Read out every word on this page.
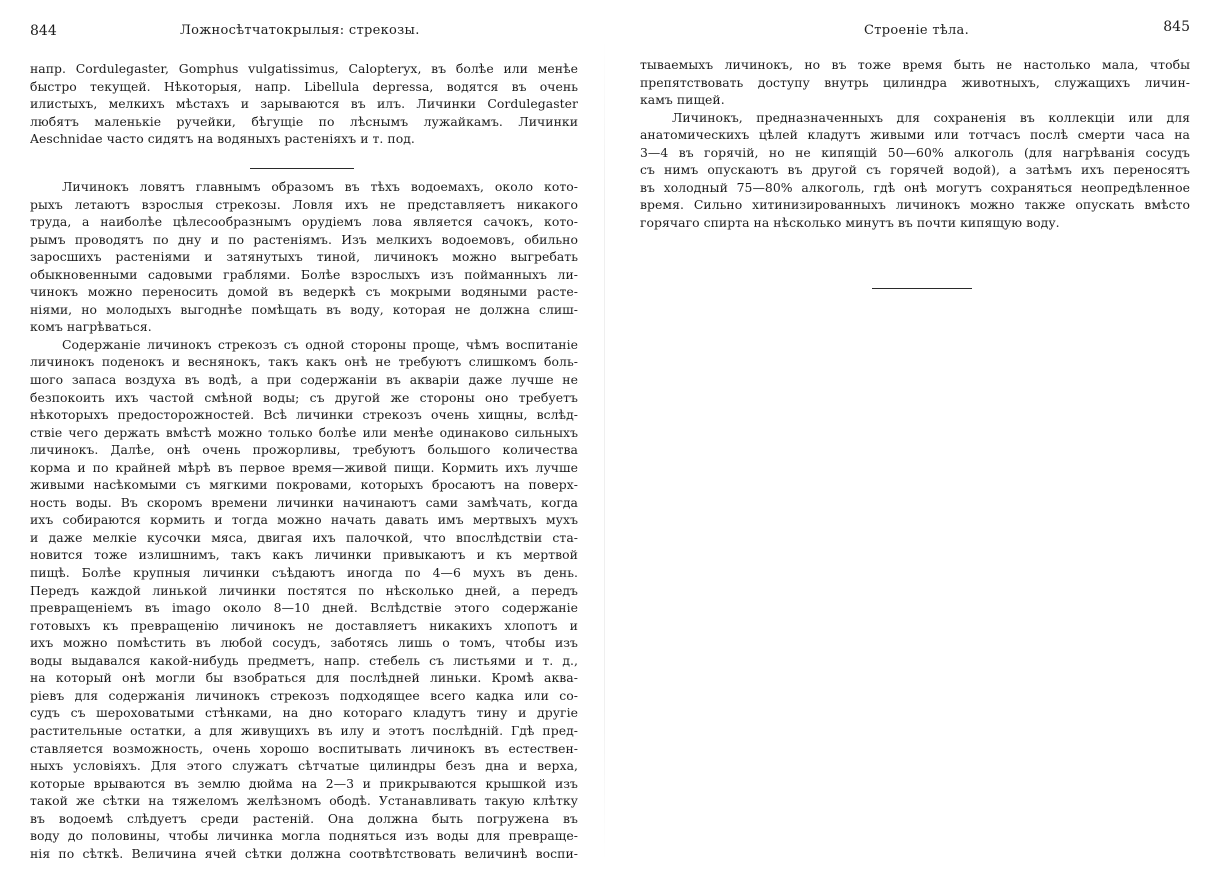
844	Ложносѣтчатокрылыя: стрекозы.
напр. Cordulegaster, Gomphus vulgatissimus, Calopteryx, въ болѣе или менѣе
быстро текущей. Нѣкоторыя, напр. Libellula depressa, водятся въ очень
илистыхъ, мелкихъ мѣстахъ и зарываются въ илъ. Личинки Cordulegaster
любятъ маленькіе ручейки, бѣгущіе по лѣснымъ лужайкамъ. Личинки
Aeschnidae часто сидятъ на водяныхъ растеніяхъ и т. под.
Личинокъ ловятъ главнымъ образомъ въ тѣхъ водоемахъ, около кото-
рыхъ летаютъ взрослыя стрекозы. Ловля ихъ не представляетъ никакого
труда, а наиболѣе цѣлесообразнымъ орудіемъ лова является сачокъ, кото-
рымъ проводятъ по дну и по растеніямъ. Изъ мелкихъ водоемовъ, обильно
заросшихъ растеніями и затянутыхъ тиной, личинокъ можно выгребать
обыкновенными садовыми граблями. Болѣе взрослыхъ изъ пойманныхъ ли-
чинокъ можно переносить домой въ ведеркѣ съ мокрыми водяными расте-
ніями, но молодыхъ выгоднѣе помѣщать въ воду, которая не должна слиш-
комъ нагрѣваться.
Содержаніе личинокъ стрекозъ съ одной стороны проще, чѣмъ воспитаніе
личинокъ поденокъ и веснянокъ, такъ какъ онѣ не требуютъ слишкомъ боль-
шого запаса воздуха въ водѣ, а при содержаніи въ акваріи даже лучше не
безпокоить ихъ частой смѣной воды; съ другой же стороны оно требуетъ
нѣкоторыхъ предосторожностей. Всѣ личинки стрекозъ очень хищны, вслѣд-
ствіе чего держать вмѣстѣ можно только болѣе или менѣе одинаково сильныхъ
личинокъ. Далѣе, онѣ очень прожорливы, требуютъ большого количества
корма и по крайней мѣрѣ въ первое время—живой пищи. Кормить ихъ лучше
живыми насѣкомыми съ мягкими покровами, которыхъ бросаютъ на поверх-
ность воды. Въ скоромъ времени личинки начинаютъ сами замѣчать, когда
ихъ собираются кормить и тогда можно начать давать имъ мертвыхъ мухъ
и даже мелкіе кусочки мяса, двигая ихъ палочкой, что впослѣдствіи ста-
новится тоже излишнимъ, такъ какъ личинки привыкаютъ и къ мертвой
пищѣ. Болѣе крупныя личинки съѣдаютъ иногда по 4—6 мухъ въ день.
Передъ каждой линькой личинки постятся по нѣсколько дней, а передъ
превращеніемъ въ imago около 8—10 дней. Вслѣдствіе этого содержаніе
готовыхъ къ превращенію личинокъ не доставляетъ никакихъ хлопотъ и
ихъ можно помѣстить въ любой сосудъ, заботясь лишь о томъ, чтобы изъ
воды выдавался какой-нибудь предметъ, напр. стебель съ листьями и т. д.,
на который онѣ могли бы взобраться для послѣдней линьки. Кромѣ аква-
ріевъ для содержанія личинокъ стрекозъ подходящее всего кадка или со-
судъ съ шероховатыми стѣнками, на дно котораго кладутъ тину и другіе
растительные остатки, а для живущихъ въ илу и этотъ послѣдній. Гдѣ пред-
ставляется возможность, очень хорошо воспитывать личинокъ въ естествен-
ныхъ условіяхъ. Для этого служатъ сѣтчатые цилиндры безъ дна и верха,
которые врываются въ землю дюйма на 2—3 и прикрываются крышкой изъ
такой же сѣтки на тяжеломъ желѣзномъ ободѣ. Устанавливать такую клѣтку
въ водоемѣ слѣдуетъ среди растеній. Она должна быть погружена въ
воду до половины, чтобы личинка могла подняться изъ воды для превраще-
нія по сѣткѣ. Величина ячей сѣтки должна соотвѣтствовать величинѣ воспи-
Строеніе тѣла.	845
тываемыхъ личинокъ, но въ тоже время быть не настолько мала, чтобы
препятствовать доступу внутрь цилиндра животныхъ, служащихъ личин-
камъ пищей.
Личинокъ, предназначенныхъ для сохраненія въ коллекціи или для
анатомическихъ цѣлей кладутъ живыми или тотчасъ послѣ смерти часа на
3—4 въ горячій, но не кипящій 50—60% алкоголь (для нагрѣванія сосудъ
съ нимъ опускаютъ въ другой съ горячей водой), а затѣмъ ихъ переносятъ
въ холодный 75—80% алкоголь, гдѣ онѣ могутъ сохраняться неопредѣленное
время. Сильно хитинизированныхъ личинокъ можно также опускать вмѣсто
горячаго спирта на нѣсколько минутъ въ почти кипящую воду.
